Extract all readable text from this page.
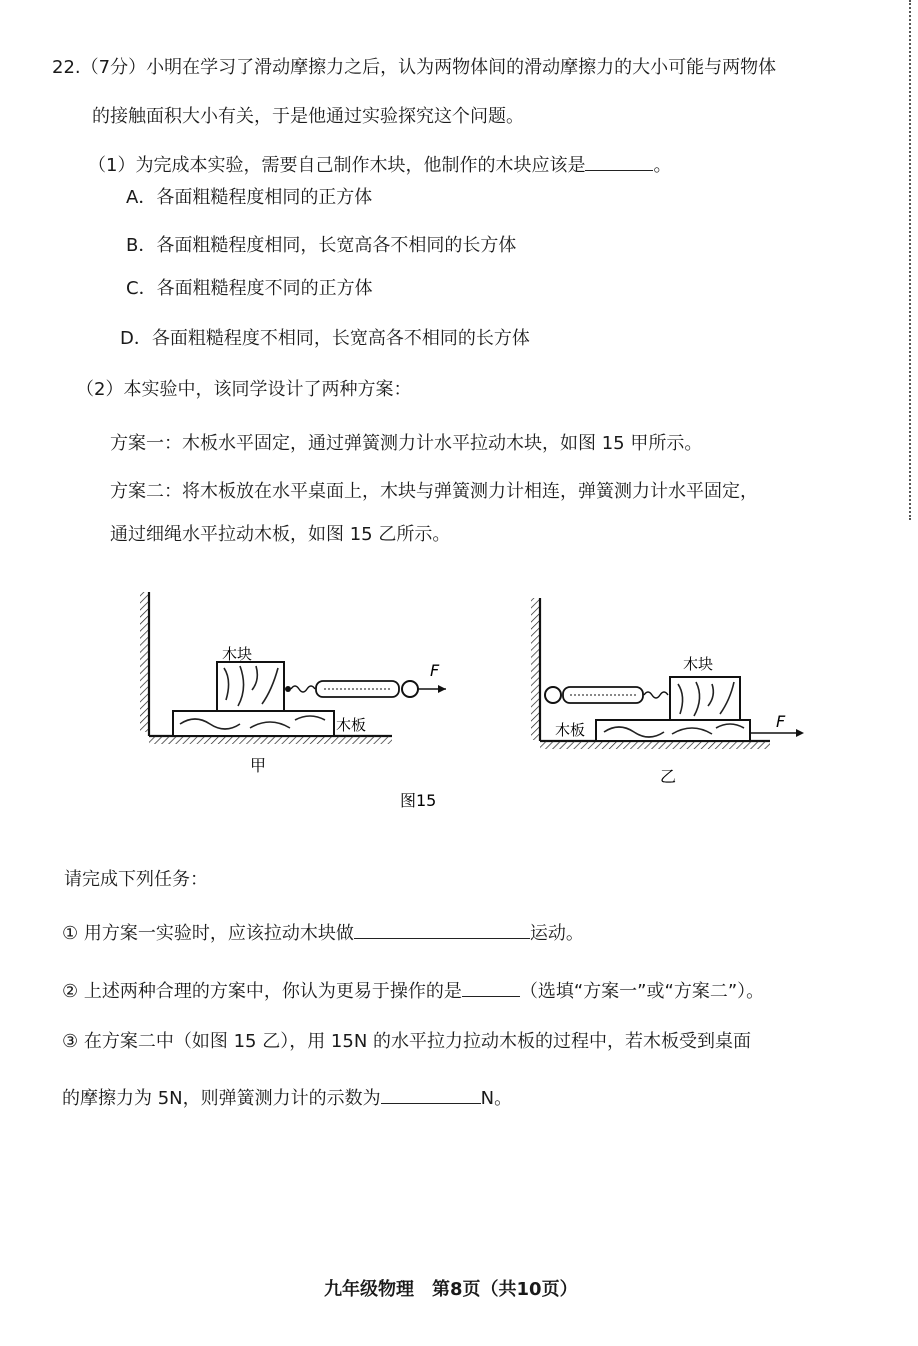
22.（7分）小明在学习了滑动摩擦力之后，认为两物体间的滑动摩擦力的大小可能与两物体
的接触面积大小有关，于是他通过实验探究这个问题。
（1）为完成本实验，需要自己制作木块，他制作的木块应该是	。
A．各面粗糙程度相同的正方体
B．各面粗糙程度相同，长宽高各不相同的长方体
C．各面粗糙程度不同的正方体
D．各面粗糙程度不相同，长宽高各不相同的长方体
（2）本实验中，该同学设计了两种方案：
方案一：木板水平固定，通过弹簧测力计水平拉动木块，如图 15 甲所示。
方案二：将木板放在水平桌面上，木块与弹簧测力计相连，弹簧测力计水平固定，
通过细绳水平拉动木板，如图 15 乙所示。
木块
木板
F
甲
木块
木板	F
乙
图15
请完成下列任务：
① 用方案一实验时，应该拉动木块做	运动。
② 上述两种合理的方案中，你认为更易于操作的是	（选填“方案一”或“方案二”）。
③ 在方案二中（如图 15 乙），用 15N 的水平拉力拉动木板的过程中，若木板受到桌面
的摩擦力为 5N，则弹簧测力计的示数为	N。
九年级物理　第8页（共10页）
